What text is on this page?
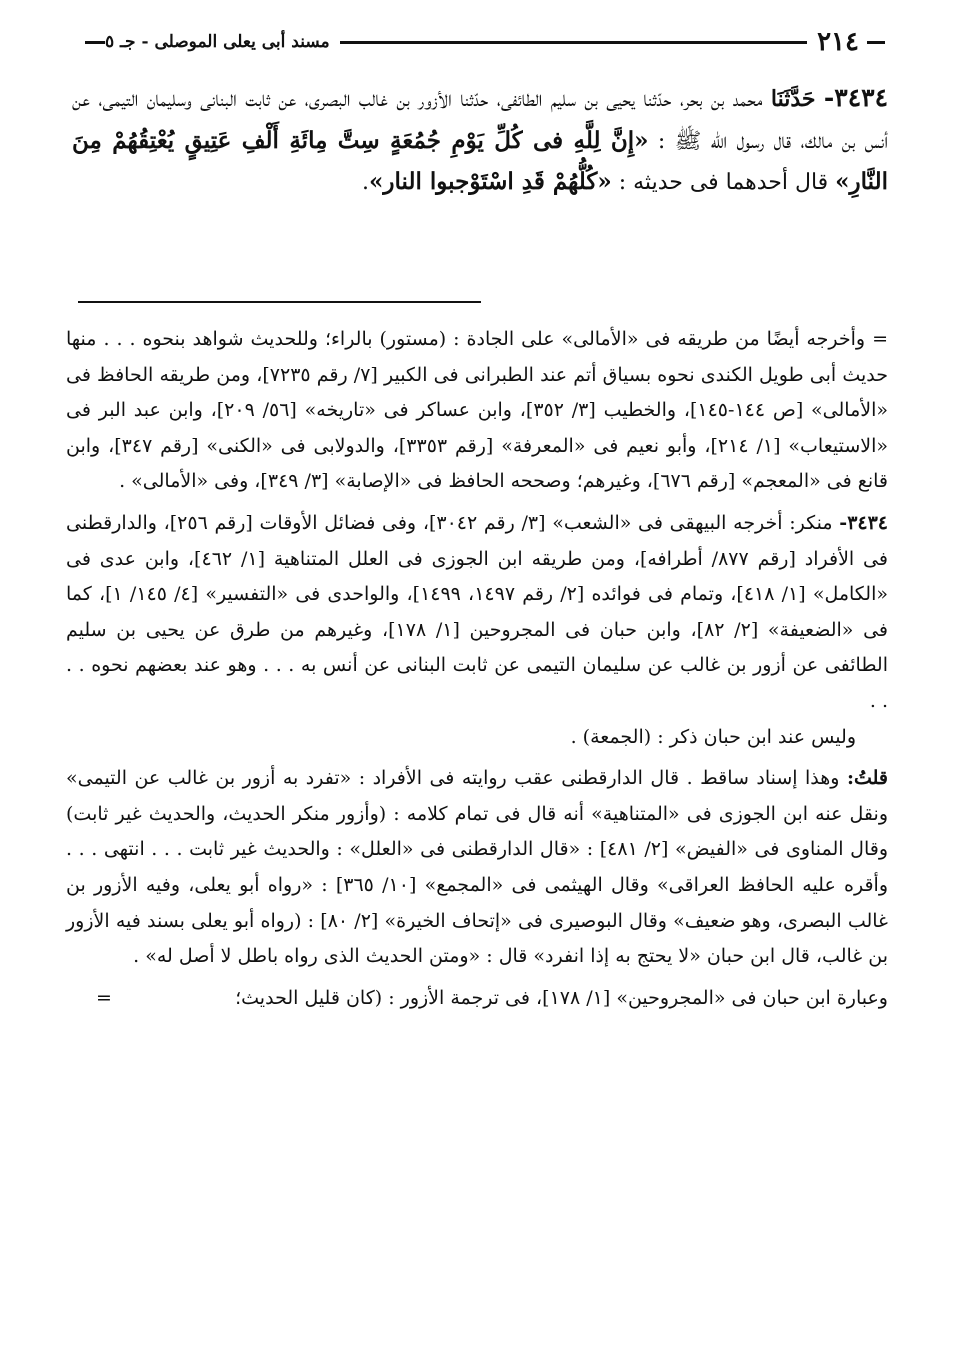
مسند أبى يعلى الموصلى - جـ ٥	٢١٤

٣٤٣٤- حَدَّثَنَا محمد بن بحر، حدّثنا يحيى بن سليم الطائفى، حدّثنا الأزور بن غالب البصرى، عن ثابت البنانى وسليمان التيمى، عن أنس بن مالك، قال رسول الله ﷺ : «إِنَّ لِلَّهِ فى كُلِّ يَوْمِ جُمُعَةٍ سِتَّ مِائَةِ أَلْفِ عَتِيقٍ يُعْتِقُهُمْ مِنَ النَّارِ» قال أحدهما فى حديثه : «كُلُّهُمْ قَدِ اسْتَوْجبوا النار».

= وأخرجه أيضًا من طريقه فى «الأمالى» على الجادة : (مستور) بالراء؛ وللحديث شواهد بنحوه . . . منها حديث أبى طويل الكندى نحوه بسياق أتم عند الطبرانى فى الكبير [٧/ رقم ٧٢٣٥]، ومن طريقه الحافظ فى «الأمالى» [ص ١٤٤-١٤٥]، والخطيب [٣/ ٣٥٢]، وابن عساكر فى «تاريخه» [٥٦/ ٢٠٩]، وابن عبد البر فى «الاستيعاب» [١/ ٢١٤]، وأبو نعيم فى «المعرفة» [رقم ٣٣٥٣]، والدولابى فى «الكنى» [رقم ٣٤٧]، وابن قانع فى «المعجم» [رقم ٦٧٦]، وغيرهم؛ وصححه الحافظ فى «الإصابة» [٣/ ٣٤٩]، وفى «الأمالى» .

٣٤٣٤- منكر: أخرجه البيهقى فى «الشعب» [٣/ رقم ٣٠٤٢]، وفى فضائل الأوقات [رقم ٢٥٦]، والدارقطنى فى الأفراد [رقم ٨٧٧/ أطرافه]، ومن طريقه ابن الجوزى فى العلل المتناهية [١/ ٤٦٢]، وابن عدى فى «الكامل» [١/ ٤١٨]، وتمام فى فوائده [٢/ رقم ١٤٩٧، ١٤٩٩]، والواحدى فى «التفسير» [٤/ ١٤٥/ ١]، كما فى «الضعيفة» [٢/ ٨٢]، وابن حبان فى المجروحين [١/ ١٧٨]، وغيرهم من طرق عن يحيى بن سليم الطائفى عن أزور بن غالب عن سليمان التيمى عن ثابت البنانى عن أنس به . . . وهو عند بعضهم نحوه . . . .

وليس عند ابن حبان ذكر : (الجمعة) .

قلتُ: وهذا إسناد ساقط . قال الدارقطنى عقب روايته فى الأفراد : «تفرد به أزور بن غالب عن التيمى» ونقل عنه ابن الجوزى فى «المتناهية» أنه قال فى تمام كلامه : (وأزور منكر الحديث، والحديث غير ثابت) وقال المناوى فى «الفيض» [٢/ ٤٨١] : «قال الدارقطنى فى «العلل» : والحديث غير ثابت . . . انتهى . . . وأقره عليه الحافظ العراقى» وقال الهيثمى فى «المجمع» [١٠/ ٣٦٥] : «رواه أبو يعلى، وفيه الأزور بن غالب البصرى، وهو ضعيف» وقال البوصيرى فى «إتحاف الخيرة» [٢/ ٨٠] : (رواه أبو يعلى بسند فيه الأزور بن غالب، قال ابن حبان «لا يحتج به إذا انفرد» قال : «ومتن الحديث الذى رواه باطل لا أصل له» .

وعبارة ابن حبان فى «المجروحين» [١/ ١٧٨]، فى ترجمة الأزور : (كان قليل الحديث؛
=
